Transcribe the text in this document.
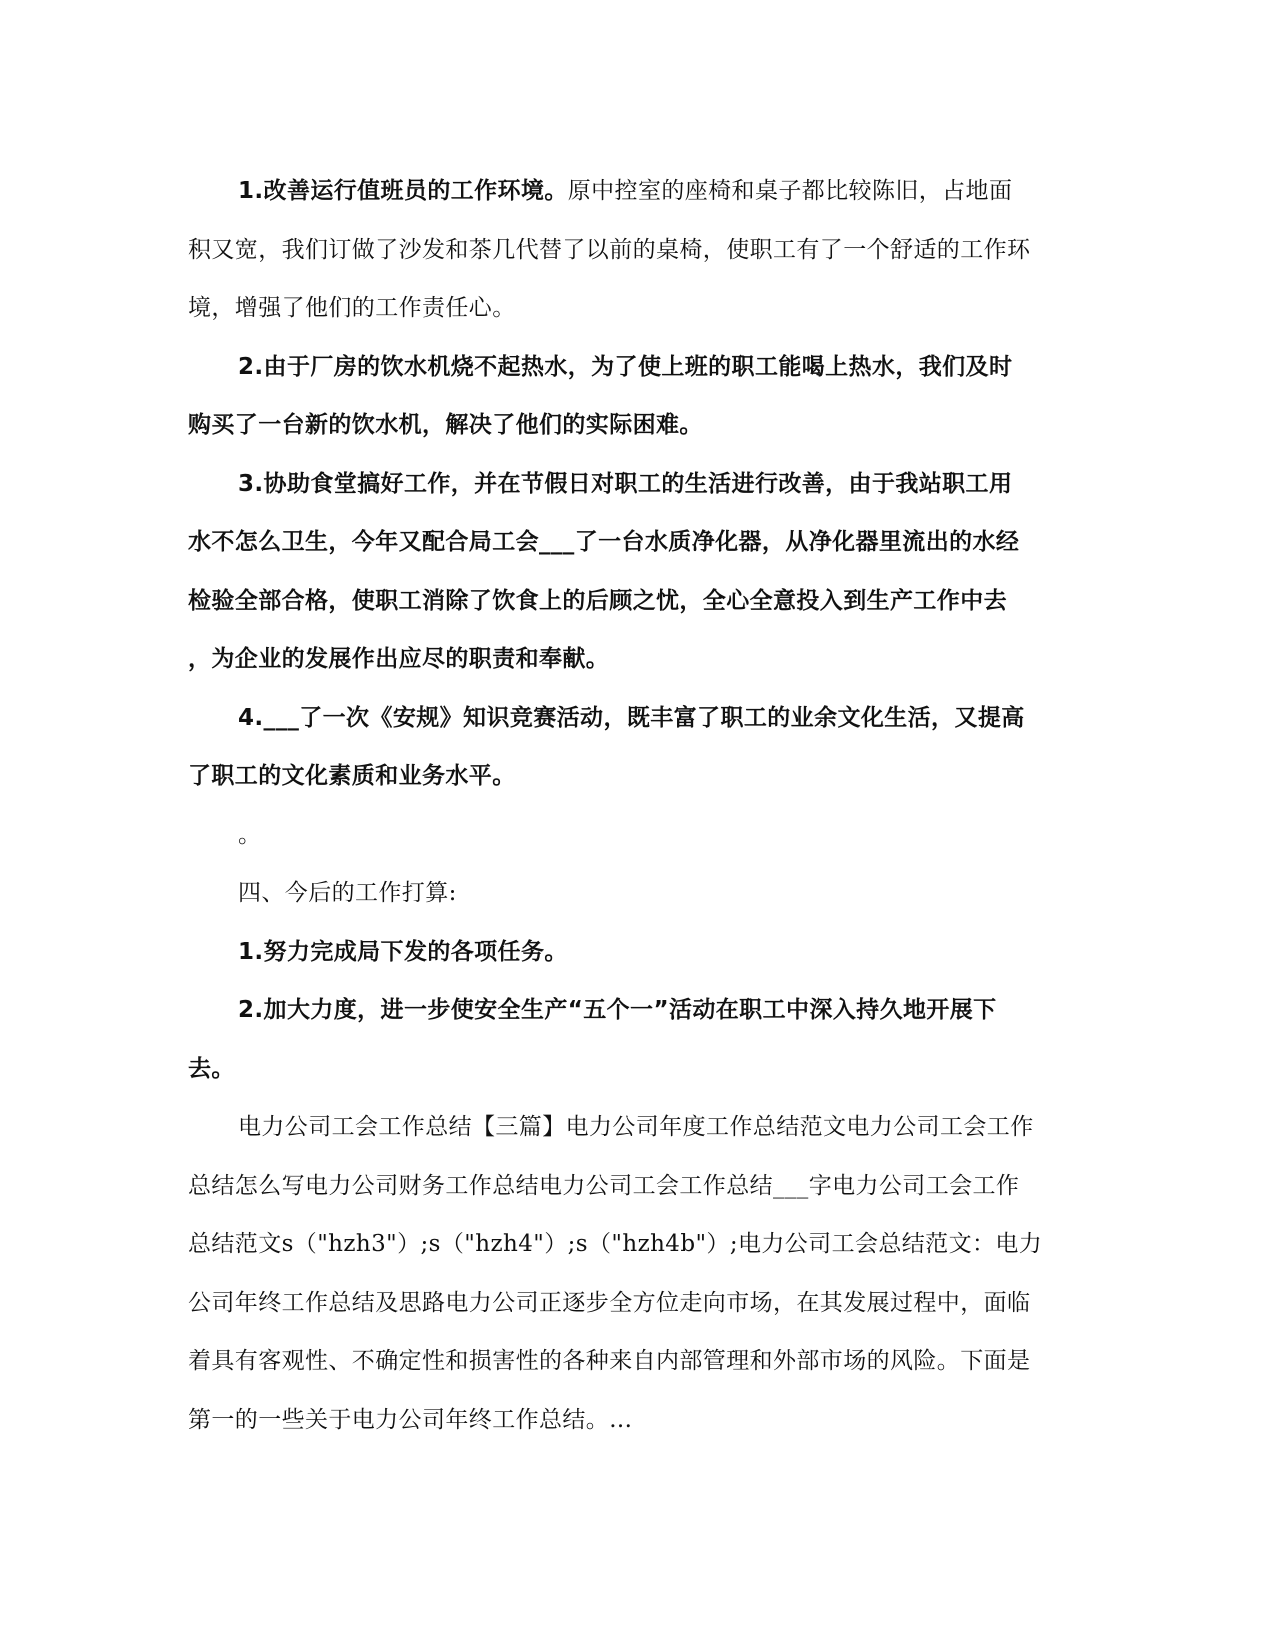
1.改善运行值班员的工作环境。原中控室的座椅和桌子都比较陈旧，占地面
积又宽，我们订做了沙发和茶几代替了以前的桌椅，使职工有了一个舒适的工作环
境，增强了他们的工作责任心。

2.由于厂房的饮水机烧不起热水，为了使上班的职工能喝上热水，我们及时
购买了一台新的饮水机，解决了他们的实际困难。

3.协助食堂搞好工作，并在节假日对职工的生活进行改善，由于我站职工用
水不怎么卫生，今年又配合局工会___了一台水质净化器，从净化器里流出的水经
检验全部合格，使职工消除了饮食上的后顾之忧，全心全意投入到生产工作中去
，为企业的发展作出应尽的职责和奉献。

4.___了一次《安规》知识竞赛活动，既丰富了职工的业余文化生活，又提高
了职工的文化素质和业务水平。

。

四、今后的工作打算:

1.努力完成局下发的各项任务。

2.加大力度，进一步使安全生产“五个一”活动在职工中深入持久地开展下
去。

电力公司工会工作总结【三篇】电力公司年度工作总结范文电力公司工会工作
总结怎么写电力公司财务工作总结电力公司工会工作总结___字电力公司工会工作
总结范文s（"hzh3"）;s（"hzh4"）;s（"hzh4b"）;电力公司工会总结范文：电力
公司年终工作总结及思路电力公司正逐步全方位走向市场，在其发展过程中，面临
着具有客观性、不确定性和损害性的各种来自内部管理和外部市场的风险。下面是
第一的一些关于电力公司年终工作总结。...
